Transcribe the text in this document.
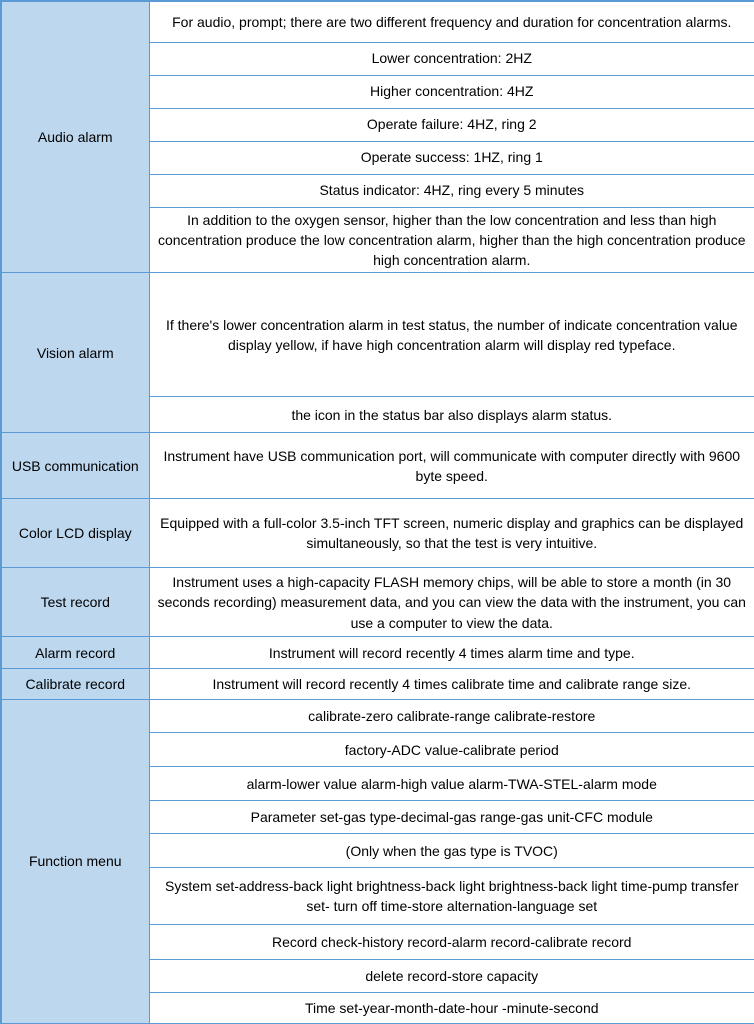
Audio alarm	For audio, prompt; there are two different frequency and duration for concentration alarms.
	Lower concentration: 2HZ
	Higher concentration: 4HZ
	Operate failure: 4HZ, ring 2
	Operate success: 1HZ, ring 1
	Status indicator: 4HZ, ring every 5 minutes
	In addition to the oxygen sensor, higher than the low concentration and less than high concentration produce the low concentration alarm, higher than the high concentration produce high concentration alarm.
Vision alarm	If there's lower concentration alarm in test status, the number of indicate concentration value display yellow, if have high concentration alarm will display red typeface.
	the icon in the status bar also displays alarm status.
USB communication	Instrument have USB communication port, will communicate with computer directly with 9600 byte speed.
Color LCD display	Equipped with a full-color 3.5-inch TFT screen, numeric display and graphics can be displayed simultaneously, so that the test is very intuitive.
Test record	Instrument uses a high-capacity FLASH memory chips, will be able to store a month (in 30 seconds recording) measurement data, and you can view the data with the instrument, you can use a computer to view the data.
Alarm record	Instrument will record recently 4 times alarm time and type.
Calibrate record	Instrument will record recently 4 times calibrate time and calibrate range size.
Function menu	calibrate-zero calibrate-range calibrate-restore
	factory-ADC value-calibrate period
	alarm-lower value alarm-high value alarm-TWA-STEL-alarm mode
	Parameter set-gas type-decimal-gas range-gas unit-CFC module
	(Only when the gas type is TVOC)
	System set-address-back light brightness-back light brightness-back light time-pump transfer set- turn off time-store alternation-language set
	Record check-history record-alarm record-calibrate record
	delete record-store capacity
	Time set-year-month-date-hour -minute-second
